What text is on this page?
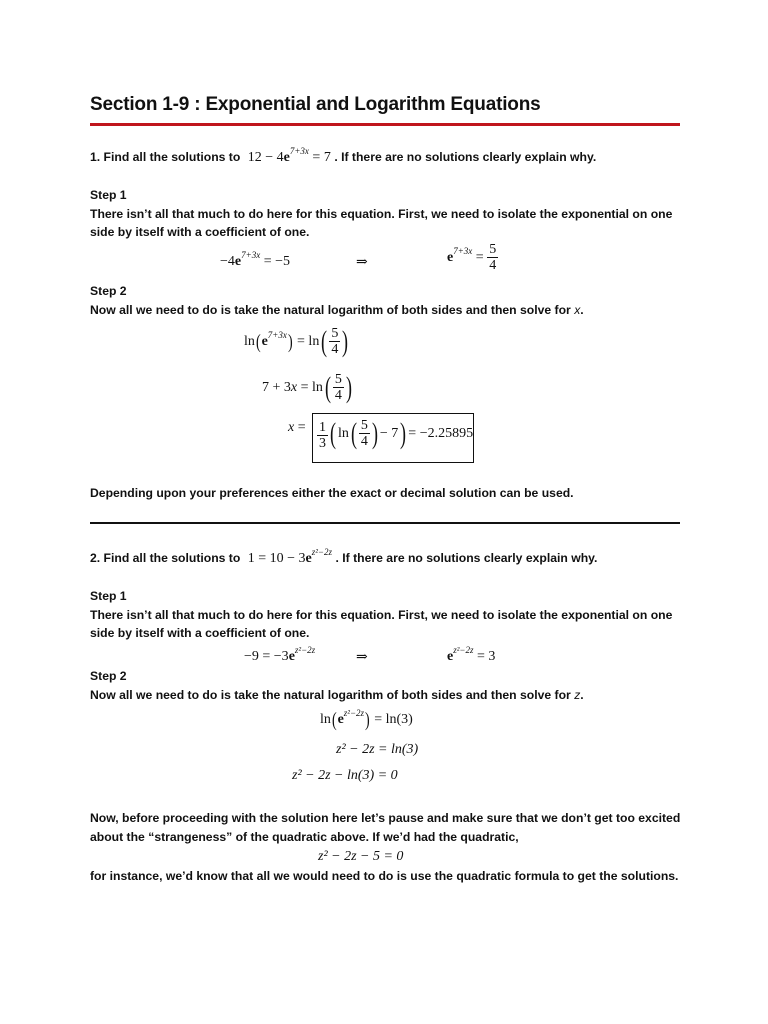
Section 1-9 : Exponential and Logarithm Equations
1. Find all the solutions to $12 - 4e^{7+3x} = 7$ . If there are no solutions clearly explain why.
Step 1
There isn’t all that much to do here for this equation. First, we need to isolate the exponential on one
side by itself with a coefficient of one.
$-4e^{7+3x} = -5$	⇒	$e^{7+3x} = \frac{5}{4}$
Step 2
Now all we need to do is take the natural logarithm of both sides and then solve for x.
$\ln(e^{7+3x}) = \ln( \frac{5}{4}$ )
$7 + 3x = \ln( \frac{5}{4}$ )
$x = \frac{1}{3}$ ( $\ln( \frac{5}{4}$ ) − 7) = −2.25895
Depending upon your preferences either the exact or decimal solution can be used.
2. Find all the solutions to $1 = 10 - 3e^{z^2-2z}$ . If there are no solutions clearly explain why.
Step 1
There isn’t all that much to do here for this equation. First, we need to isolate the exponential on one
side by itself with a coefficient of one.
$-9 = -3e^{z^2-2z}$	⇒	$e^{z^2-2z} = 3$
Step 2
Now all we need to do is take the natural logarithm of both sides and then solve for z.
$\ln(e^{z^2-2z}) = \ln(3)$
z² − 2z = ln(3)
z² − 2z − ln(3) = 0
Now, before proceeding with the solution here let’s pause and make sure that we don’t get too excited
about the “strangeness” of the quadratic above. If we’d had the quadratic,
z² − 2z − 5 = 0
for instance, we’d know that all we would need to do is use the quadratic formula to get the solutions.
